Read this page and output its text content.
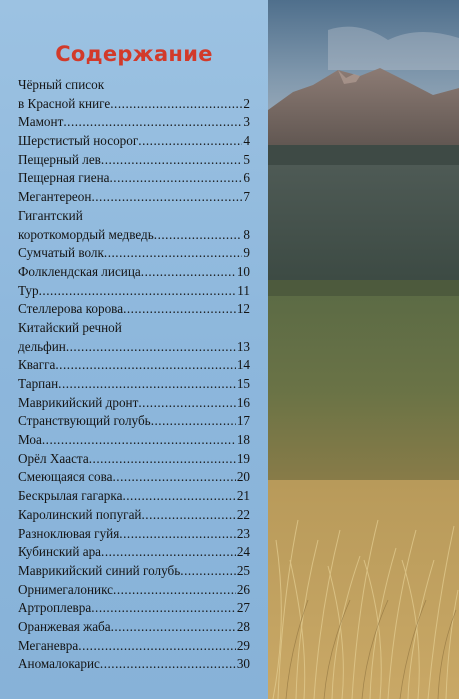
Содержание
Чёрный список
в Красной книге .....	2
Мамонт .....	3
Шерстистый носорог .....	4
Пещерный лев .....	5
Пещерная гиена .....	6
Мегантереон .....	7
Гигантский
короткомордый медведь .....	8
Сумчатый волк .....	9
Фолклендская лисица .....	10
Тур .....	11
Стеллерова корова .....	12
Китайский речной
дельфин .....	13
Квагга .....	14
Тарпан .....	15
Маврикийский дронт .....	16
Странствующий голубь .....	17
Моа .....	18
Орёл Хааста .....	19
Смеющаяся сова .....	20
Бескрылая гагарка .....	21
Каролинский попугай .....	22
Разноклювая гуйя .....	23
Кубинский ара .....	24
Маврикийский синий голубь .....	25
Орнимегалоникс .....	26
Артроплевра .....	27
Оранжевая жаба .....	28
Меганевра .....	29
Аномалокарис .....	30
